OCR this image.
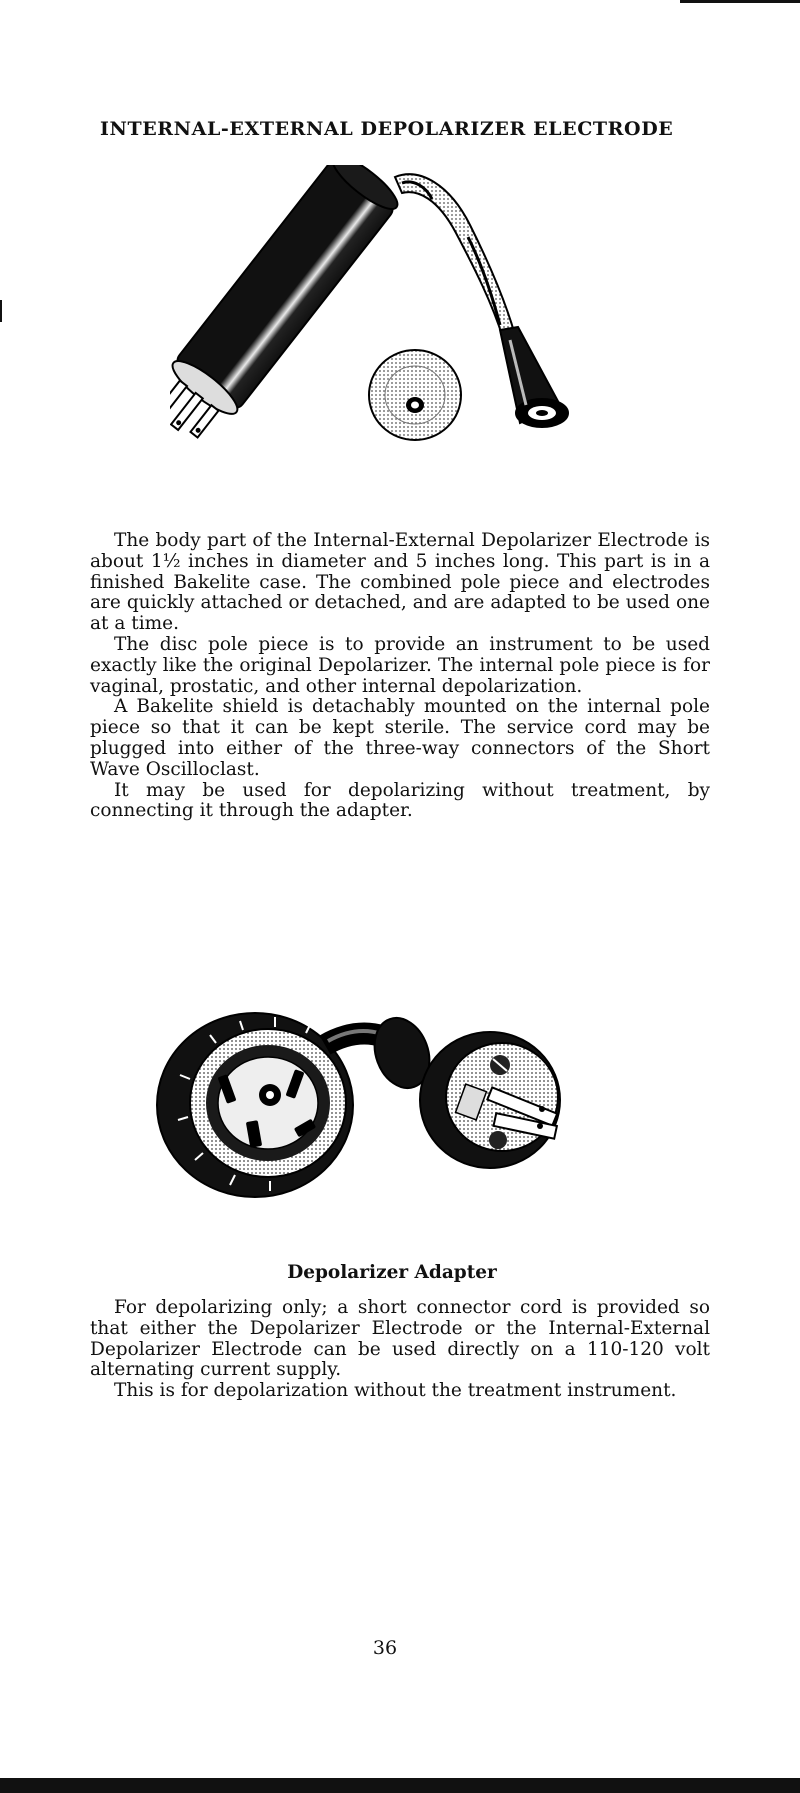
INTERNAL-EXTERNAL DEPOLARIZER ELECTRODE

The body part of the Internal-External Depolarizer Electrode is about 1½ inches in diameter and 5 inches long. This part is in a finished Bakelite case. The combined pole piece and electrodes are quickly attached or detached, and are adapted to be used one at a time.

The disc pole piece is to provide an instrument to be used exactly like the original Depolarizer. The internal pole piece is for vaginal, prostatic, and other internal depolarization.

A Bakelite shield is detachably mounted on the internal pole piece so that it can be kept sterile. The service cord may be plugged into either of the three-way connectors of the Short Wave Oscilloclast.

It may be used for depolarizing without treatment, by connecting it through the adapter.

Depolarizer Adapter

For depolarizing only; a short connector cord is provided so that either the Depolarizer Electrode or the Internal-External Depolarizer Electrode can be used directly on a 110-120 volt alternating current supply.

This is for depolarization without the treatment instrument.

36
